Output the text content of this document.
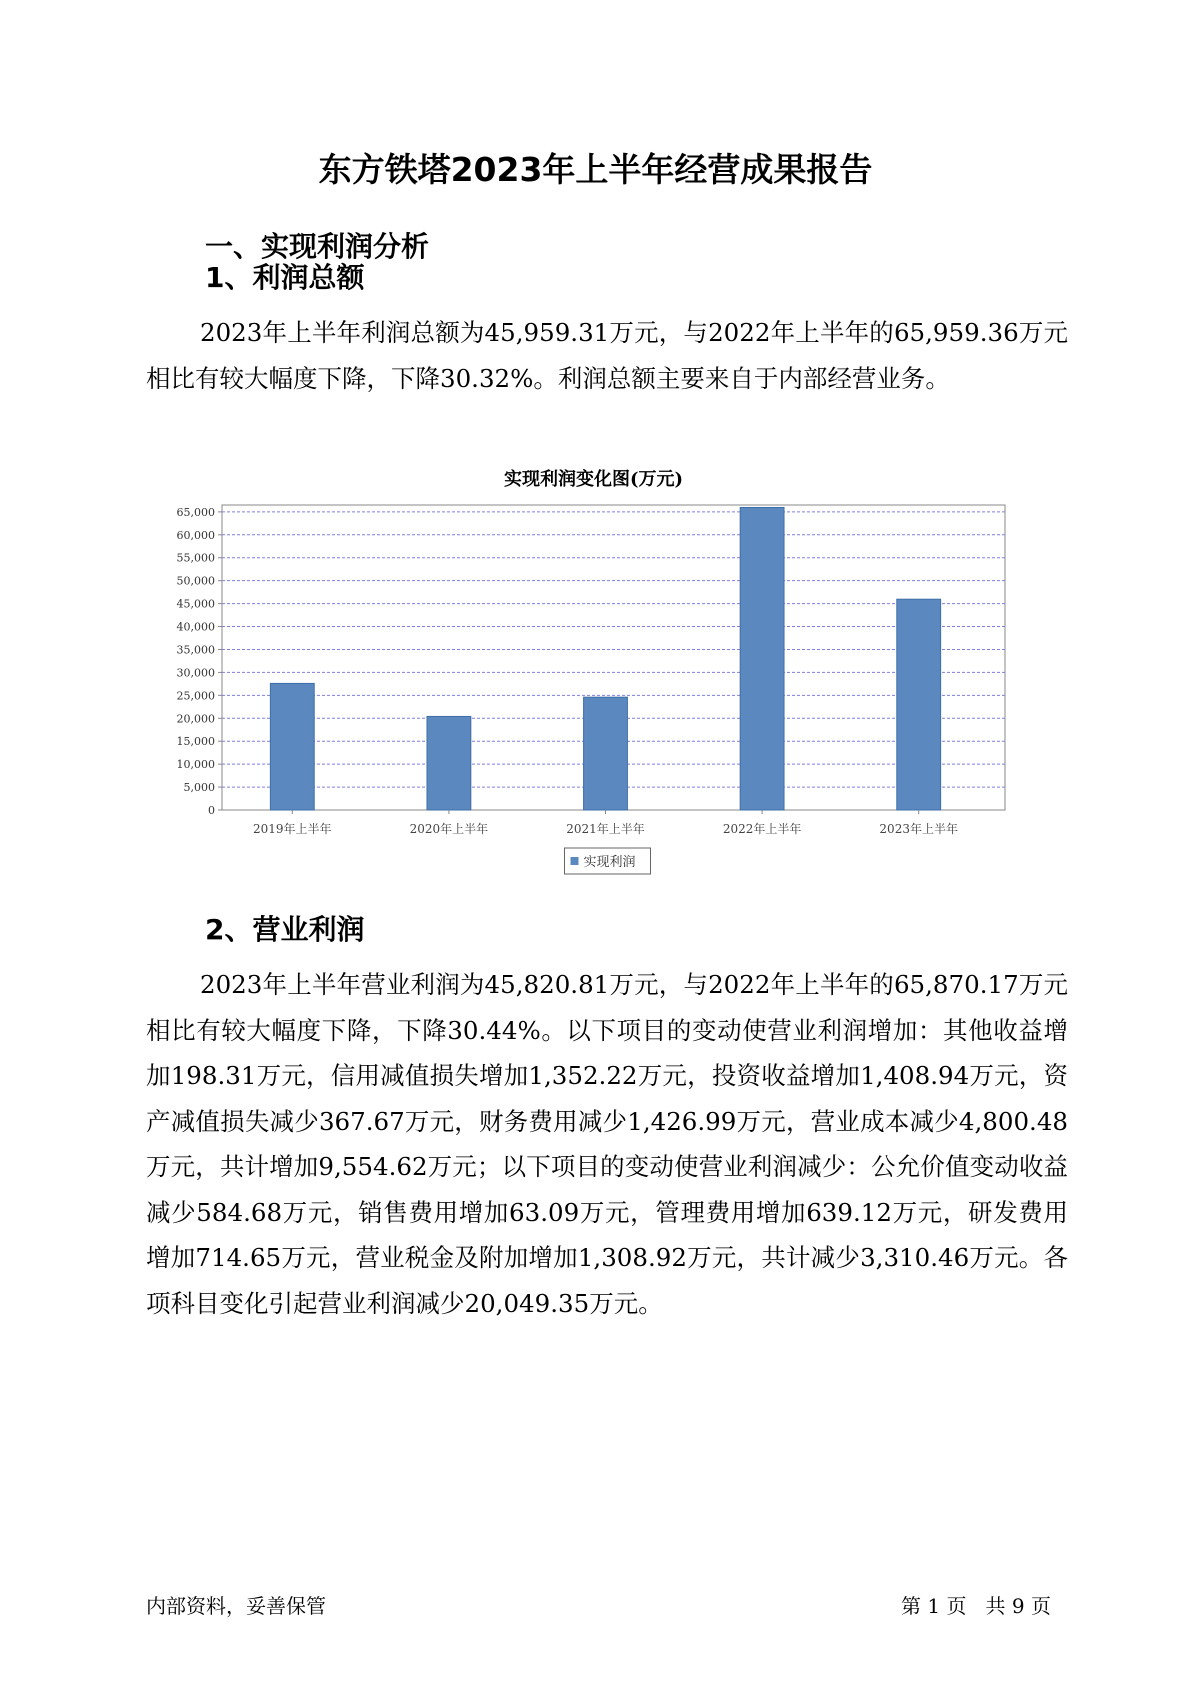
东方铁塔2023年上半年经营成果报告
一、实现利润分析
1、利润总额

2023年上半年利润总额为45,959.31万元，与2022年上半年的65,959.36万元相比有较大幅度下降，下降30.32%。利润总额主要来自于内部经营业务。

实现利润变化图(万元)
0
5,000
10,000
15,000
20,000
25,000
30,000
35,000
40,000
45,000
50,000
55,000
60,000
65,000
2019年上半年	2020年上半年	2021年上半年	2022年上半年	2023年上半年
实现利润
2、营业利润

2023年上半年营业利润为45,820.81万元，与2022年上半年的65,870.17万元相比有较大幅度下降，下降30.44%。以下项目的变动使营业利润增加：其他收益增加198.31万元，信用减值损失增加1,352.22万元，投资收益增加1,408.94万元，资产减值损失减少367.67万元，财务费用减少1,426.99万元，营业成本减少4,800.48万元，共计增加9,554.62万元；以下项目的变动使营业利润减少：公允价值变动收益减少584.68万元，销售费用增加63.09万元，管理费用增加639.12万元，研发费用增加714.65万元，营业税金及附加增加1,308.92万元，共计减少3,310.46万元。各项科目变化引起营业利润减少20,049.35万元。

内部资料，妥善保管	第 1 页   共 9 页
